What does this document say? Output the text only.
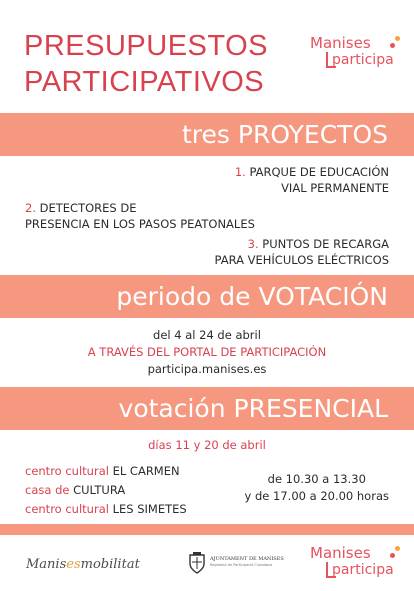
PRESUPUESTOS
PARTICIPATIVOS
Manises
participa
tres PROYECTOS
1. PARQUE DE EDUCACIÓN
VIAL PERMANENTE
2. DETECTORES DE
PRESENCIA EN LOS PASOS PEATONALES
3. PUNTOS DE RECARGA
PARA VEHÍCULOS ELÉCTRICOS
periodo de VOTACIÓN
del 4 al 24 de abril
A TRAVÉS DEL PORTAL DE PARTICIPACIÓN
participa.manises.es
votación PRESENCIAL
días 11 y 20 de abril
centro cultural EL CARMEN
casa de CULTURA
centro cultural LES SIMETES
de 10.30 a 13.30
y de 17.00 a 20.00 horas
Manisesmobilitat	AJUNTAMENT DE MANISES
Regidoria de Participació Ciutadana
Manises
participa
